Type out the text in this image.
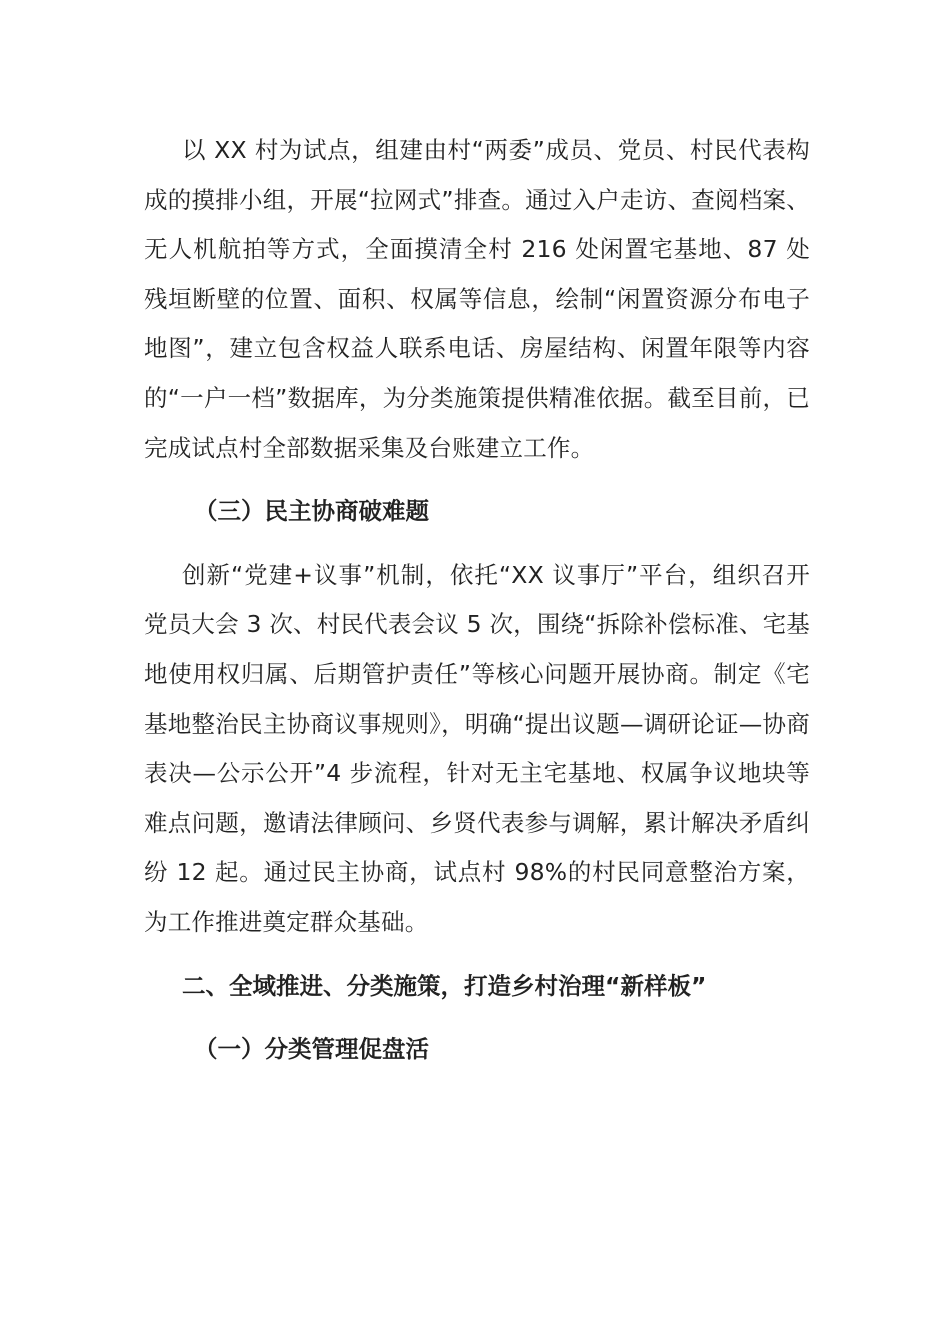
以 XX 村为试点，组建由村“两委”成员、党员、村民代表构成的摸排小组，开展“拉网式”排查。通过入户走访、查阅档案、无人机航拍等方式，全面摸清全村 216 处闲置宅基地、87 处残垣断壁的位置、面积、权属等信息，绘制“闲置资源分布电子地图”，建立包含权益人联系电话、房屋结构、闲置年限等内容的“一户一档”数据库，为分类施策提供精准依据。截至目前，已完成试点村全部数据采集及台账建立工作。

（三）民主协商破难题

创新“党建+议事”机制，依托“XX 议事厅”平台，组织召开党员大会 3 次、村民代表会议 5 次，围绕“拆除补偿标准、宅基地使用权归属、后期管护责任”等核心问题开展协商。制定《宅基地整治民主协商议事规则》，明确“提出议题—调研论证—协商表决—公示公开”4 步流程，针对无主宅基地、权属争议地块等难点问题，邀请法律顾问、乡贤代表参与调解，累计解决矛盾纠纷 12 起。通过民主协商，试点村 98%的村民同意整治方案，为工作推进奠定群众基础。

二、全域推进、分类施策，打造乡村治理“新样板”

（一）分类管理促盘活
